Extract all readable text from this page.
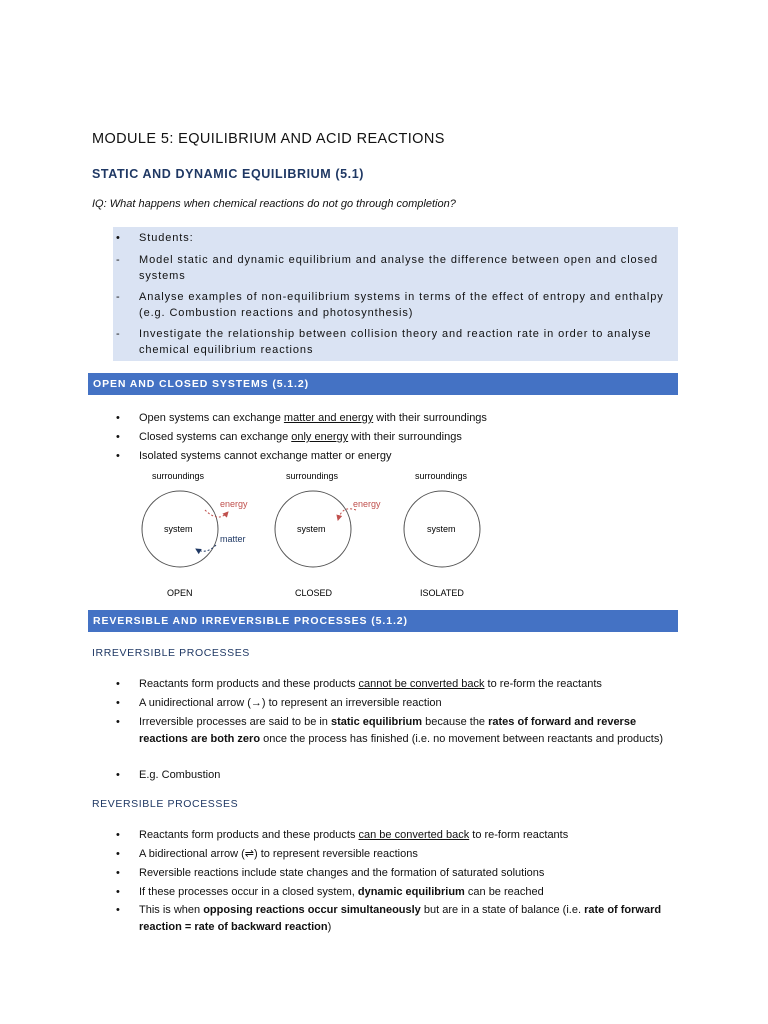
MODULE 5: EQUILIBRIUM AND ACID REACTIONS
STATIC AND DYNAMIC EQUILIBRIUM (5.1)
IQ: What happens when chemical reactions do not go through completion?
•	Students:
-	Model static and dynamic equilibrium and analyse the difference between open and closed systems
-	Analyse examples of non-equilibrium systems in terms of the effect of entropy and enthalpy (e.g. Combustion reactions and photosynthesis)
-	Investigate the relationship between collision theory and reaction rate in order to analyse chemical equilibrium reactions
OPEN AND CLOSED SYSTEMS (5.1.2)
• Open systems can exchange matter and energy with their surroundings
• Closed systems can exchange only energy with their surroundings
• Isolated systems cannot exchange matter or energy
surroundings
system
energy
matter
OPEN
surroundings
system
energy
CLOSED
surroundings
system
ISOLATED
REVERSIBLE AND IRREVERSIBLE PROCESSES (5.1.2)
IRREVERSIBLE PROCESSES
• Reactants form products and these products cannot be converted back to re-form the reactants
• A unidirectional arrow (→) to represent an irreversible reaction
• Irreversible processes are said to be in static equilibrium because the rates of forward and reverse reactions are both zero once the process has finished (i.e. no movement between reactants and products)
• E.g. Combustion
REVERSIBLE PROCESSES
• Reactants form products and these products can be converted back to re-form reactants
• A bidirectional arrow (⇌) to represent reversible reactions
• Reversible reactions include state changes and the formation of saturated solutions
• If these processes occur in a closed system, dynamic equilibrium can be reached
• This is when opposing reactions occur simultaneously but are in a state of balance (i.e. rate of forward reaction = rate of backward reaction)
